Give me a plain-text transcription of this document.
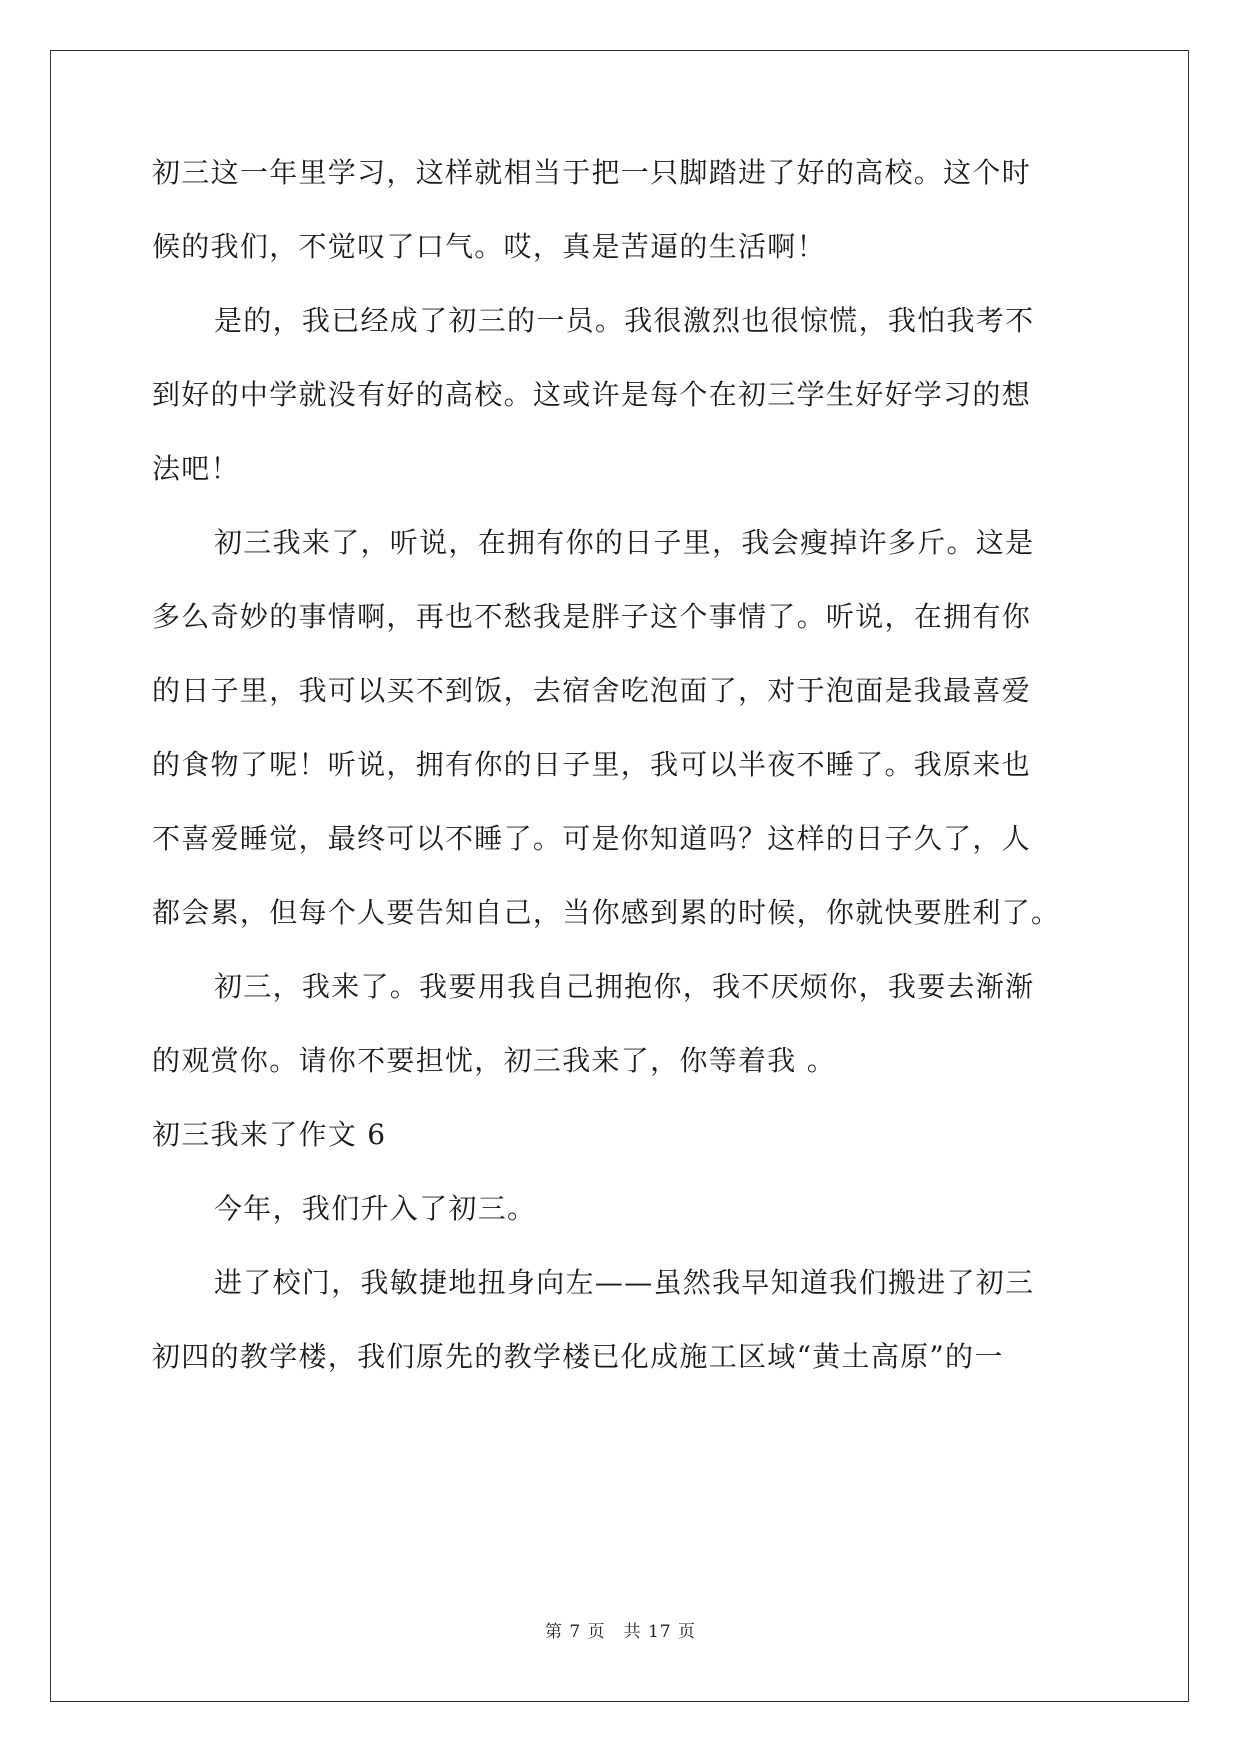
初三这一年里学习，这样就相当于把一只脚踏进了好的高校。这个时
候的我们，不觉叹了口气。哎，真是苦逼的生活啊！
是的，我已经成了初三的一员。我很激烈也很惊慌，我怕我考不
到好的中学就没有好的高校。这或许是每个在初三学生好好学习的想
法吧！
初三我来了，听说，在拥有你的日子里，我会瘦掉许多斤。这是
多么奇妙的事情啊，再也不愁我是胖子这个事情了。听说，在拥有你
的日子里，我可以买不到饭，去宿舍吃泡面了，对于泡面是我最喜爱
的食物了呢！听说，拥有你的日子里，我可以半夜不睡了。我原来也
不喜爱睡觉，最终可以不睡了。可是你知道吗？这样的日子久了，人
都会累，但每个人要告知自己，当你感到累的时候，你就快要胜利了。
初三，我来了。我要用我自己拥抱你，我不厌烦你，我要去渐渐
的观赏你。请你不要担忧，初三我来了，你等着我 。
初三我来了作文 6
今年，我们升入了初三。
进了校门，我敏捷地扭身向左——虽然我早知道我们搬进了初三
初四的教学楼，我们原先的教学楼已化成施工区域“黄土高原”的一
第 7 页 共 17 页
